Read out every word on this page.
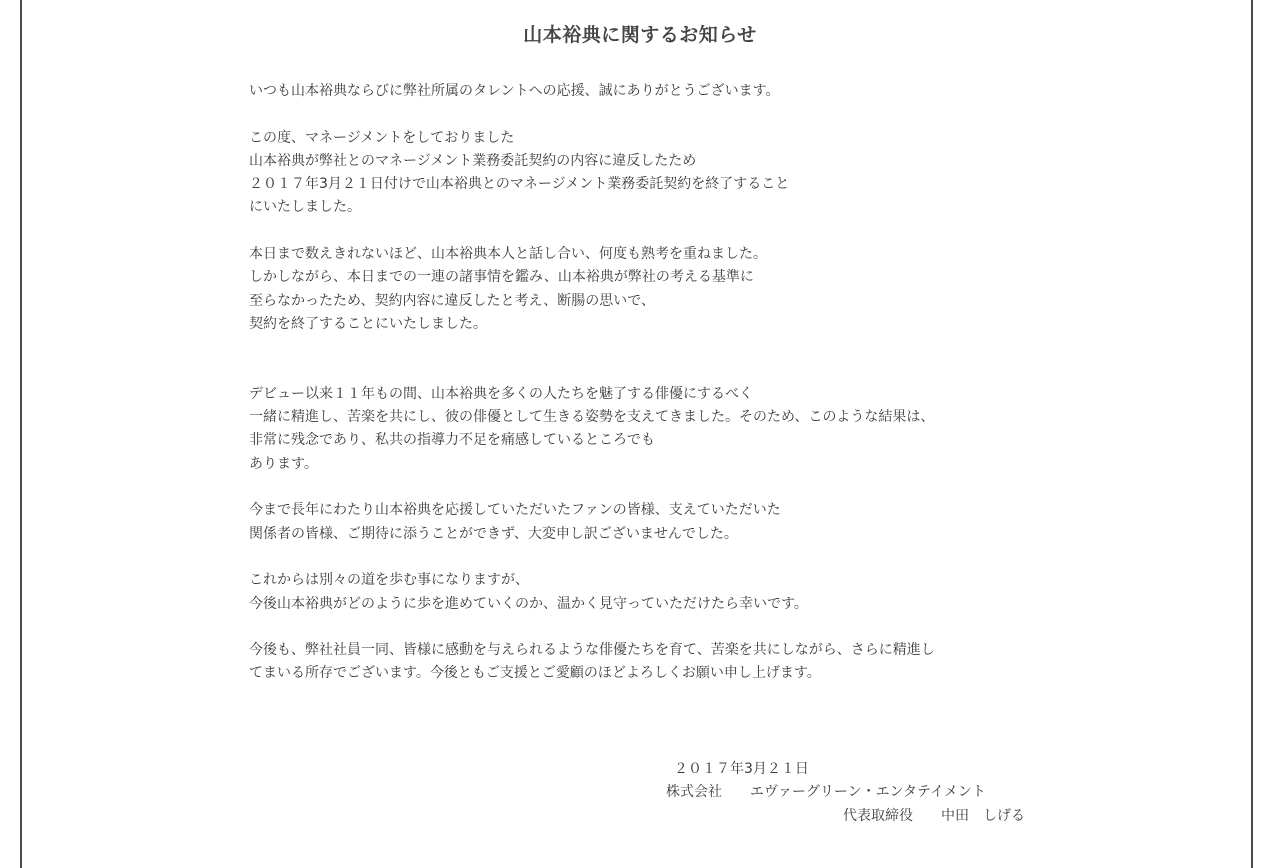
山本裕典に関するお知らせ
いつも山本裕典ならびに弊社所属のタレントへの応援、誠にありがとうございます。
この度、マネージメントをしておりました
山本裕典が弊社とのマネージメント業務委託契約の内容に違反したため
２０１７年3月２１日付けで山本裕典とのマネージメント業務委託契約を終了すること
にいたしました。
本日まで数えきれないほど、山本裕典本人と話し合い、何度も熟考を重ねました。
しかしながら、本日までの一連の諸事情を鑑み、山本裕典が弊社の考える基準に
至らなかったため、契約内容に違反したと考え、断腸の思いで、
契約を終了することにいたしました。
デビュー以来１１年もの間、山本裕典を多くの人たちを魅了する俳優にするべく
一緒に精進し、苦楽を共にし、彼の俳優として生きる姿勢を支えてきました。そのため、このような結果は、
非常に残念であり、私共の指導力不足を痛感しているところでも
あります。
今まで長年にわたり山本裕典を応援していただいたファンの皆様、支えていただいた
関係者の皆様、ご期待に添うことができず、大変申し訳ございませんでした。
これからは別々の道を歩む事になりますが、
今後山本裕典がどのように歩を進めていくのか、温かく見守っていただけたら幸いです。
今後も、弊社社員一同、皆様に感動を与えられるような俳優たちを育て、苦楽を共にしながら、さらに精進し
てまいる所存でございます。今後ともご支援とご愛顧のほどよろしくお願い申し上げます。
２０１７年3月２１日
株式会社　　エヴァーグリーン・エンタテイメント
代表取締役　　中田　しげる
